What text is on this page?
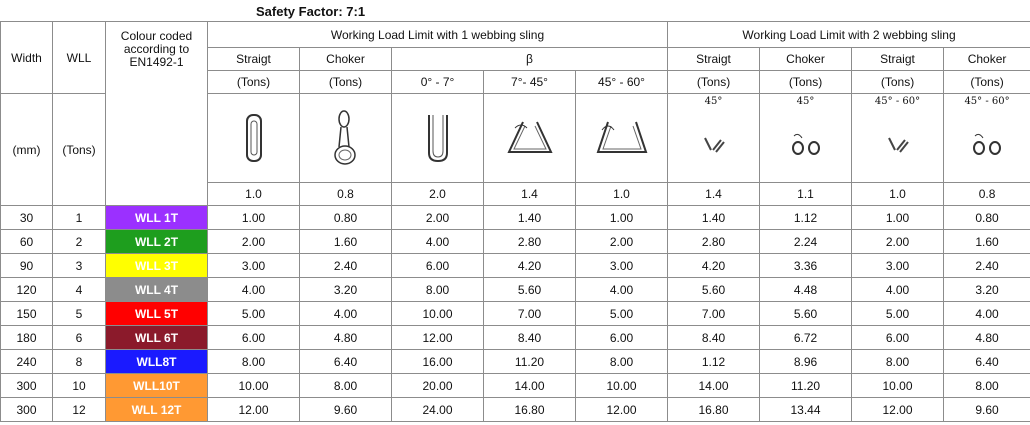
Safety Factor: 7:1
Width	WLL	Colour coded according to EN1492-1	Working Load Limit with 1 webbing sling					Working Load Limit with 2 webbing sling			
			Straigt	Choker	β			Straigt	Choker	Straigt	Choker
			(Tons)	(Tons)	0° - 7°	7°- 45°	45° - 60°	(Tons)	(Tons)	(Tons)	(Tons)
(mm)	(Tons)							45°	45°	45° - 60°	45° - 60°

			1.0	0.8	2.0	1.4	1.0	1.4	1.1	1.0	0.8
30	1	WLL 1T	1.00	0.80	2.00	1.40	1.00	1.40	1.12	1.00	0.80
60	2	WLL 2T	2.00	1.60	4.00	2.80	2.00	2.80	2.24	2.00	1.60
90	3	WLL 3T	3.00	2.40	6.00	4.20	3.00	4.20	3.36	3.00	2.40
120	4	WLL 4T	4.00	3.20	8.00	5.60	4.00	5.60	4.48	4.00	3.20
150	5	WLL 5T	5.00	4.00	10.00	7.00	5.00	7.00	5.60	5.00	4.00
180	6	WLL 6T	6.00	4.80	12.00	8.40	6.00	8.40	6.72	6.00	4.80
240	8	WLL8T	8.00	6.40	16.00	11.20	8.00	1.12	8.96	8.00	6.40
300	10	WLL10T	10.00	8.00	20.00	14.00	10.00	14.00	11.20	10.00	8.00
300	12	WLL 12T	12.00	9.60	24.00	16.80	12.00	16.80	13.44	12.00	9.60
